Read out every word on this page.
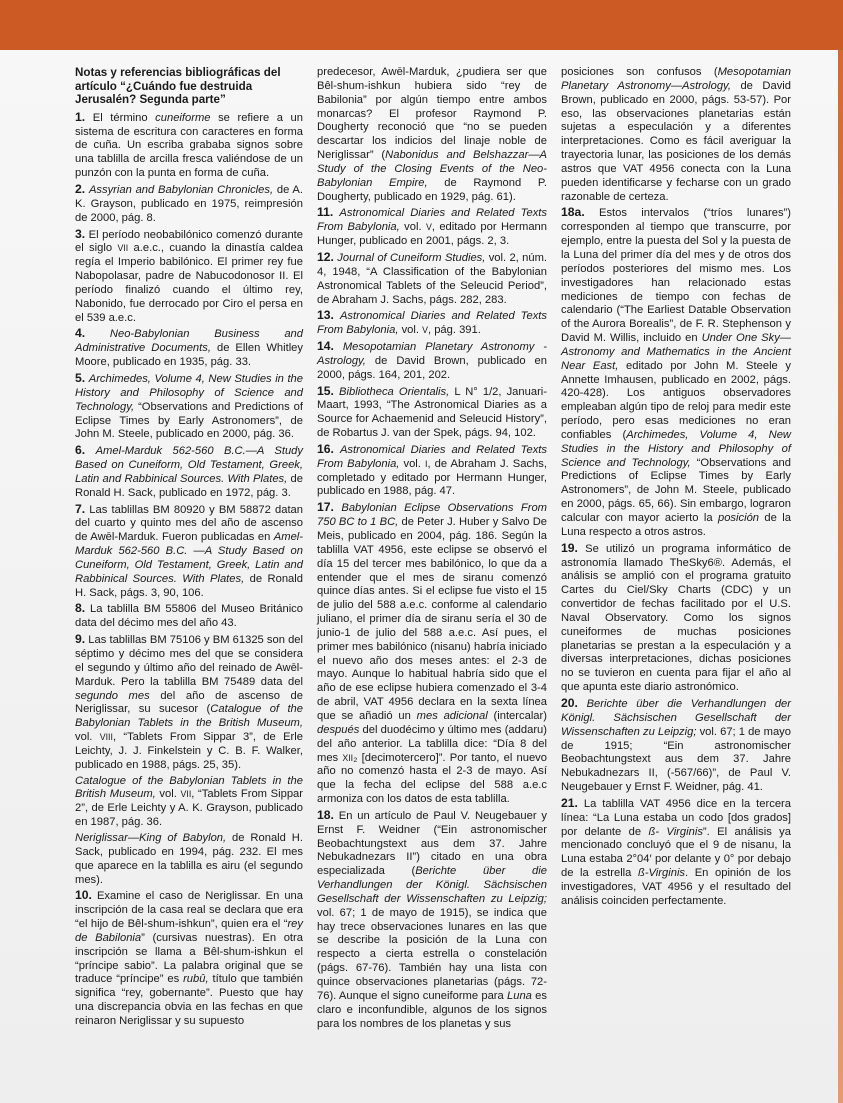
Notas y referencias bibliográficas del artículo “¿Cuándo fue destruida Jerusalén? Segunda parte”

1. El término cuneiforme se refiere a un sistema de escritura con caracteres en forma de cuña. Un escriba grababa signos sobre una tablilla de arcilla fresca valiéndose de un punzón con la punta en forma de cuña.

2. Assyrian and Babylonian Chronicles, de A. K. Grayson, publicado en 1975, reimpresión de 2000, pág. 8.

3. El período neobabilónico comenzó durante el siglo VII a.e.c., cuando la dinastía caldea regía el Imperio babilónico. El primer rey fue Nabopolasar, padre de Nabucodonosor II. El período finalizó cuando el último rey, Nabonido, fue derrocado por Ciro el persa en el 539 a.e.c.

4. Neo-Babylonian Business and Administrative Documents, de Ellen Whitley Moore, publicado en 1935, pág. 33.

5. Archimedes, Volume 4, New Studies in the History and Philosophy of Science and Technology, “Observations and Predictions of Eclipse Times by Early Astronomers”, de John M. Steele, publicado en 2000, pág. 36.

6. Amel-Marduk 562-560 B.C.—A Study Based on Cuneiform, Old Testament, Greek, Latin and Rabbinical Sources. With Plates, de Ronald H. Sack, publicado en 1972, pág. 3.

7. Las tablillas BM 80920 y BM 58872 datan del cuarto y quinto mes del año de ascenso de Awēl-Marduk. Fueron publicadas en Amel-Marduk 562-560 B.C. —A Study Based on Cuneiform, Old Testament, Greek, Latin and Rabbinical Sources. With Plates, de Ronald H. Sack, págs. 3, 90, 106.

8. La tablilla BM 55806 del Museo Británico data del décimo mes del año 43.

9. Las tablillas BM 75106 y BM 61325 son del séptimo y décimo mes del que se considera el segundo y último año del reinado de Awēl-Marduk. Pero la tablilla BM 75489 data del segundo mes del año de ascenso de Neriglissar, su sucesor (Catalogue of the Babylonian Tablets in the British Museum, vol. VIII, “Tablets From Sippar 3”, de Erle Leichty, J. J. Finkelstein y C. B. F. Walker, publicado en 1988, págs. 25, 35).

Catalogue of the Babylonian Tablets in the British Museum, vol. VII, “Tablets From Sippar 2”, de Erle Leichty y A. K. Grayson, publicado en 1987, pág. 36.

Neriglissar—King of Babylon, de Ronald H. Sack, publicado en 1994, pág. 232. El mes que aparece en la tablilla es airu (el segundo mes).

10. Examine el caso de Neriglissar. En una inscripción de la casa real se declara que era “el hijo de Bêl-shum-ishkun”, quien era el “rey de Babilonia” (cursivas nuestras). En otra inscripción se llama a Bêl-shum-ishkun el “príncipe sabio”. La palabra original que se traduce “príncipe” es rubû, título que también significa “rey, gobernante”. Puesto que hay una discrepancia obvia en las fechas en que reinaron Neriglissar y su supuesto

predecesor, Awēl-Marduk, ¿pudiera ser que Bêl-shum-ishkun hubiera sido “rey de Babilonia” por algún tiempo entre ambos monarcas? El profesor Raymond P. Dougherty reconoció que “no se pueden descartar los indicios del linaje noble de Neriglissar” (Nabonidus and Belshazzar—A Study of the Closing Events of the Neo-Babylonian Empire, de Raymond P. Dougherty, publicado en 1929, pág. 61).

11. Astronomical Diaries and Related Texts From Babylonia, vol. V, editado por Hermann Hunger, publicado en 2001, págs. 2, 3.

12. Journal of Cuneiform Studies, vol. 2, núm. 4, 1948, “A Classification of the Babylonian Astronomical Tablets of the Seleucid Period”, de Abraham J. Sachs, págs. 282, 283.

13. Astronomical Diaries and Related Texts From Babylonia, vol. V, pág. 391.

14. Mesopotamian Planetary Astronomy -Astrology, de David Brown, publicado en 2000, págs. 164, 201, 202.

15. Bibliotheca Orientalis, L N° 1/2, Januari-Maart, 1993, “The Astronomical Diaries as a Source for Achaemenid and Seleucid History”, de Robartus J. van der Spek, págs. 94, 102.

16. Astronomical Diaries and Related Texts From Babylonia, vol. I, de Abraham J. Sachs, completado y editado por Hermann Hunger, publicado en 1988, pág. 47.

17. Babylonian Eclipse Observations From 750 BC to 1 BC, de Peter J. Huber y Salvo De Meis, publicado en 2004, pág. 186. Según la tablilla VAT 4956, este eclipse se observó el día 15 del tercer mes babilónico, lo que da a entender que el mes de siranu comenzó quince días antes. Si el eclipse fue visto el 15 de julio del 588 a.e.c. conforme al calendario juliano, el primer día de siranu sería el 30 de junio-1 de julio del 588 a.e.c. Así pues, el primer mes babilónico (nisanu) habría iniciado el nuevo año dos meses antes: el 2-3 de mayo. Aunque lo habitual habría sido que el año de ese eclipse hubiera comenzado el 3-4 de abril, VAT 4956 declara en la sexta línea que se añadió un mes adicional (intercalar) después del duodécimo y último mes (addaru) del año anterior. La tablilla dice: “Día 8 del mes XII₂ [decimotercero]”. Por tanto, el nuevo año no comenzó hasta el 2-3 de mayo. Así que la fecha del eclipse del 588 a.e.c armoniza con los datos de esta tablilla.

18. En un artículo de Paul V. Neugebauer y Ernst F. Weidner (“Ein astronomischer Beobachtungstext aus dem 37. Jahre Nebukadnezars II”) citado en una obra especializada (Berichte über die Verhandlungen der Königl. Sächsischen Gesellschaft der Wissenschaften zu Leipzig; vol. 67; 1 de mayo de 1915), se indica que hay trece observaciones lunares en las que se describe la posición de la Luna con respecto a cierta estrella o constelación (págs. 67-76). También hay una lista con quince observaciones planetarias (págs. 72-76). Aunque el signo cuneiforme para Luna es claro e inconfundible, algunos de los signos para los nombres de los planetas y sus

posiciones son confusos (Mesopotamian Planetary Astronomy—Astrology, de David Brown, publicado en 2000, págs. 53-57). Por eso, las observaciones planetarias están sujetas a especulación y a diferentes interpretaciones. Como es fácil averiguar la trayectoria lunar, las posiciones de los demás astros que VAT 4956 conecta con la Luna pueden identificarse y fecharse con un grado razonable de certeza.

18a. Estos intervalos (“tríos lunares”) corresponden al tiempo que transcurre, por ejemplo, entre la puesta del Sol y la puesta de la Luna del primer día del mes y de otros dos períodos posteriores del mismo mes. Los investigadores han relacionado estas mediciones de tiempo con fechas de calendario (“The Earliest Datable Observation of the Aurora Borealis”, de F. R. Stephenson y David M. Willis, incluido en Under One Sky—Astronomy and Mathematics in the Ancient Near East, editado por John M. Steele y Annette Imhausen, publicado en 2002, págs. 420-428). Los antiguos observadores empleaban algún tipo de reloj para medir este período, pero esas mediciones no eran confiables (Archimedes, Volume 4, New Studies in the History and Philosophy of Science and Technology, “Observations and Predictions of Eclipse Times by Early Astronomers”, de John M. Steele, publicado en 2000, págs. 65, 66). Sin embargo, lograron calcular con mayor acierto la posición de la Luna respecto a otros astros.

19. Se utilizó un programa informático de astronomía llamado TheSky6®. Además, el análisis se amplió con el programa gratuito Cartes du Ciel/Sky Charts (CDC) y un convertidor de fechas facilitado por el U.S. Naval Observatory. Como los signos cuneiformes de muchas posiciones planetarias se prestan a la especulación y a diversas interpretaciones, dichas posiciones no se tuvieron en cuenta para fijar el año al que apunta este diario astronómico.

20. Berichte über die Verhandlungen der Königl. Sächsischen Gesellschaft der Wissenschaften zu Leipzig; vol. 67; 1 de mayo de 1915; “Ein astronomischer Beobachtungstext aus dem 37. Jahre Nebukadnezars II, (-567/66)”, de Paul V. Neugebauer y Ernst F. Weidner, pág. 41.

21. La tablilla VAT 4956 dice en la tercera línea: “La Luna estaba un codo [dos grados] por delante de ß- Virginis”. El análisis ya mencionado concluyó que el 9 de nisanu, la Luna estaba 2°04′ por delante y 0° por debajo de la estrella ß-Virginis. En opinión de los investigadores, VAT 4956 y el resultado del análisis coinciden perfectamente.
